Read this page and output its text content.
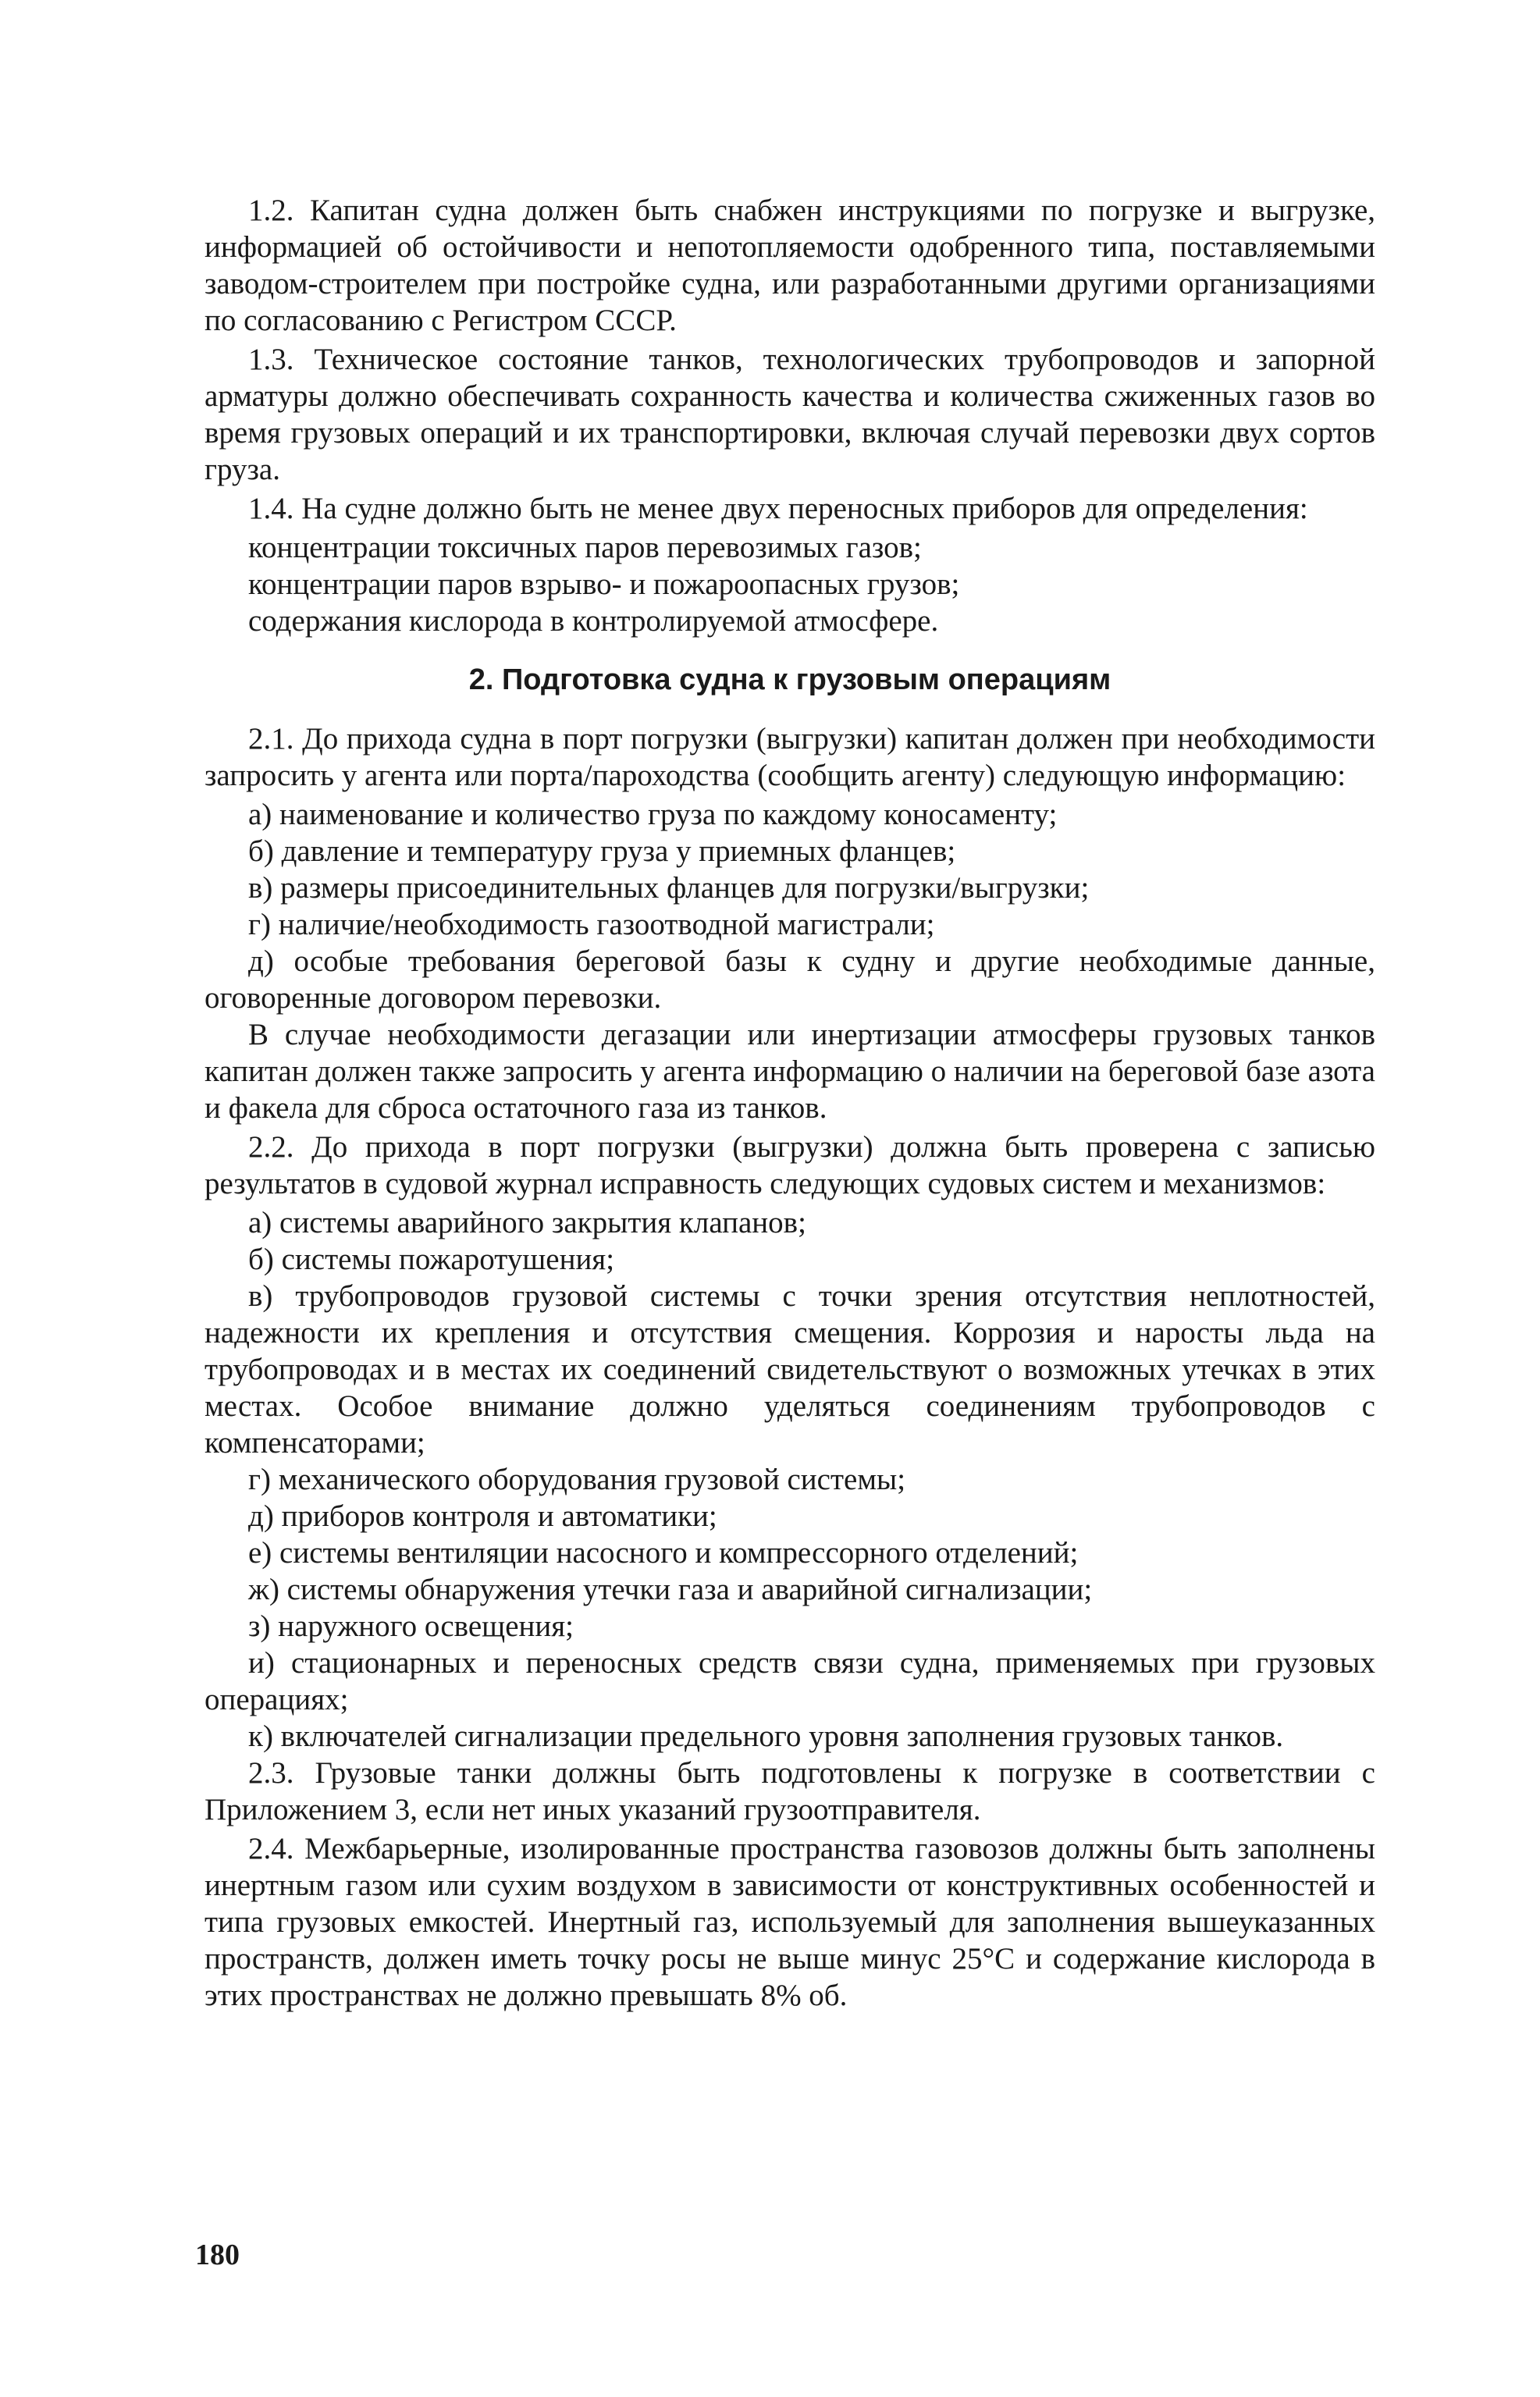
1.2. Капитан судна должен быть снабжен инструкциями по погрузке и выгрузке, информацией об остойчивости и непотопляемости одобренного типа, поставляемыми заводом-строителем при постройке судна, или разработанными другими организациями по согласованию с Регистром СССР.

1.3. Техническое состояние танков, технологических трубопроводов и запорной арматуры должно обеспечивать сохранность качества и количества сжиженных газов во время грузовых операций и их транспортировки, включая случай перевозки двух сортов груза.

1.4. На судне должно быть не менее двух переносных приборов для определения:

концентрации токсичных паров перевозимых газов;

концентрации паров взрыво- и пожароопасных грузов;

содержания кислорода в контролируемой атмосфере.

2. Подготовка судна к грузовым операциям

2.1. До прихода судна в порт погрузки (выгрузки) капитан должен при необходимости запросить у агента или порта/пароходства (сообщить агенту) следующую информацию:

а) наименование и количество груза по каждому коносаменту;

б) давление и температуру груза у приемных фланцев;

в) размеры присоединительных фланцев для погрузки/выгрузки;

г) наличие/необходимость газоотводной магистрали;

д) особые требования береговой базы к судну и другие необходимые данные, оговоренные договором перевозки.

В случае необходимости дегазации или инертизации атмосферы грузовых танков капитан должен также запросить у агента информацию о наличии на береговой базе азота и факела для сброса остаточного газа из танков.

2.2. До прихода в порт погрузки (выгрузки) должна быть проверена с записью результатов в судовой журнал исправность следующих судовых систем и механизмов:

а) системы аварийного закрытия клапанов;

б) системы пожаротушения;

в) трубопроводов грузовой системы с точки зрения отсутствия неплотностей, надежности их крепления и отсутствия смещения. Коррозия и наросты льда на трубопроводах и в местах их соединений свидетельствуют о возможных утечках в этих местах. Особое внимание должно уделяться соединениям трубопроводов с компенсаторами;

г) механического оборудования грузовой системы;

д) приборов контроля и автоматики;

е) системы вентиляции насосного и компрессорного отделений;

ж) системы обнаружения утечки газа и аварийной сигнализации;

з) наружного освещения;

и) стационарных и переносных средств связи судна, применяемых при грузовых операциях;

к) включателей сигнализации предельного уровня заполнения грузовых танков.

2.3. Грузовые танки должны быть подготовлены к погрузке в соответствии с Приложением 3, если нет иных указаний грузоотправителя.

2.4. Межбарьерные, изолированные пространства газовозов должны быть заполнены инертным газом или сухим воздухом в зависимости от конструктивных особенностей и типа грузовых емкостей. Инертный газ, используемый для заполнения вышеуказанных пространств, должен иметь точку росы не выше минус 25°С и содержание кислорода в этих пространствах не должно превышать 8% об.

180
